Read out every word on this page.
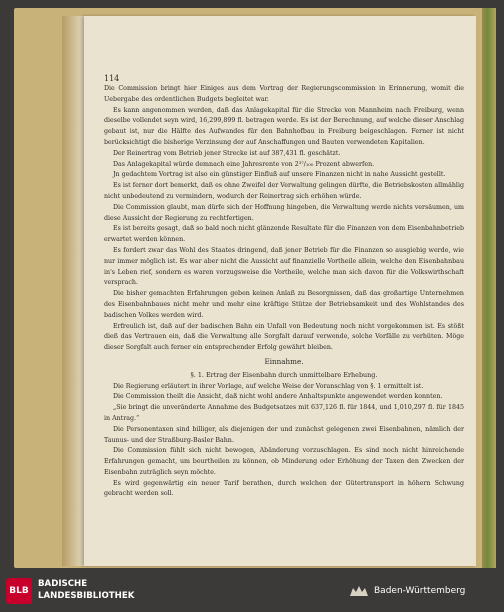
114

Die Commission bringt hier Einiges aus dem Vortrag der Regierungscommission in Erinnerung, womit die Uebergabe des ordentlichen Budgets begleitet war.

Es kann angenommen werden, daß das Anlagekapital für die Strecke von Mannheim nach Freiburg, wenn dieselbe vollendet seyn wird, 16,299,899 fl. betragen werde. Es ist der Berechnung, auf welche dieser Anschlag gebaut ist, nur die Hälfte des Aufwandes für den Bahnhofbau in Freiburg beigeschlagen. Ferner ist nicht berücksichtigt die bisherige Verzinsung der auf Anschaffungen und Bauten verwendeten Kapitalien.

Der Reinertrag vom Betrieb jener Strecke ist auf 387,431 fl. geschätzt.

Das Anlagekapital würde demnach eine Jahresrente von 2³⁷/₁₀₀ Prozent abwerfen.

Jn gedachtem Vortrag ist also ein günstiger Einfluß auf unsere Finanzen nicht in nahe Aussicht gestellt.

Es ist ferner dort bemerkt, daß es ohne Zweifel der Verwaltung gelingen dürfte, die Betriebskosten allmählig nicht unbedeutend zu vermindern, wodurch der Reinertrag sich erhöhen würde.

Die Commission glaubt, man dürfe sich der Hoffnung hingeben, die Verwaltung werde nichts versäumen, um diese Aussicht der Regierung zu rechtfertigen.

Es ist bereits gesagt, daß so bald noch nicht glänzende Resultate für die Finanzen von dem Eisenbahnbetrieb erwartet werden können.

Es fordert zwar das Wohl des Staates dringend, daß jener Betrieb für die Finanzen so ausgiebig werde, wie nur immer möglich ist. Es war aber nicht die Aussicht auf finanzielle Vortheile allein, welche den Eisenbahnbau in's Leben rief, sondern es waren vorzugsweise die Vortheile, welche man sich davon für die Volkswirthschaft versprach.

Die bisher gemachten Erfahrungen geben keinen Anlaß zu Besorgnissen, daß das großartige Unternehmen des Eisenbahnbaues nicht mehr und mehr eine kräftige Stütze der Betriebsamkeit und des Wohlstandes des badischen Volkes werden wird.

Erfreulich ist, daß auf der badischen Bahn ein Unfall von Bedeutung noch nicht vorgekommen ist. Es stößt dieß das Vertrauen ein, daß die Verwaltung alle Sorgfalt darauf verwende, solche Vorfälle zu verhüten. Möge dieser Sorgfalt auch ferner ein entsprechender Erfolg gewährt bleiben.

Einnahme.
§. 1. Ertrag der Eisenbahn durch unmittelbare Erhebung.

Die Regierung erläutert in ihrer Vorlage, auf welche Weise der Voranschlag von §. 1 ermittelt ist.

Die Commission theilt die Ansicht, daß nicht wohl andere Anhaltspunkte angewendet werden konnten.

„Sie bringt die unveränderte Annahme des Budgetsatzes mit 637,126 fl. für 1844, und 1,010,297 fl. für 1845 in Antrag.“

Die Personentaxen sind billiger, als diejenigen der und zunächst gelegenen zwei Eisenbahnen, nämlich der Taunus- und der Straßburg-Basler Bahn.

Die Commission fühlt sich nicht bewogen, Abänderung vorzuschlagen. Es sind noch nicht hinreichende Erfahrungen gemacht, um beurtheilen zu können, ob Minderung oder Erhöhung der Taxen den Zwecken der Eisenbahn zuträglich seyn möchte.

Es wird gegenwärtig ein neuer Tarif berathen, durch welchen der Gütertransport in höhern Schwung gebracht werden soll.

BLB
BADISCHE
LANDESBIBLIOTHEK	Baden-Württemberg
